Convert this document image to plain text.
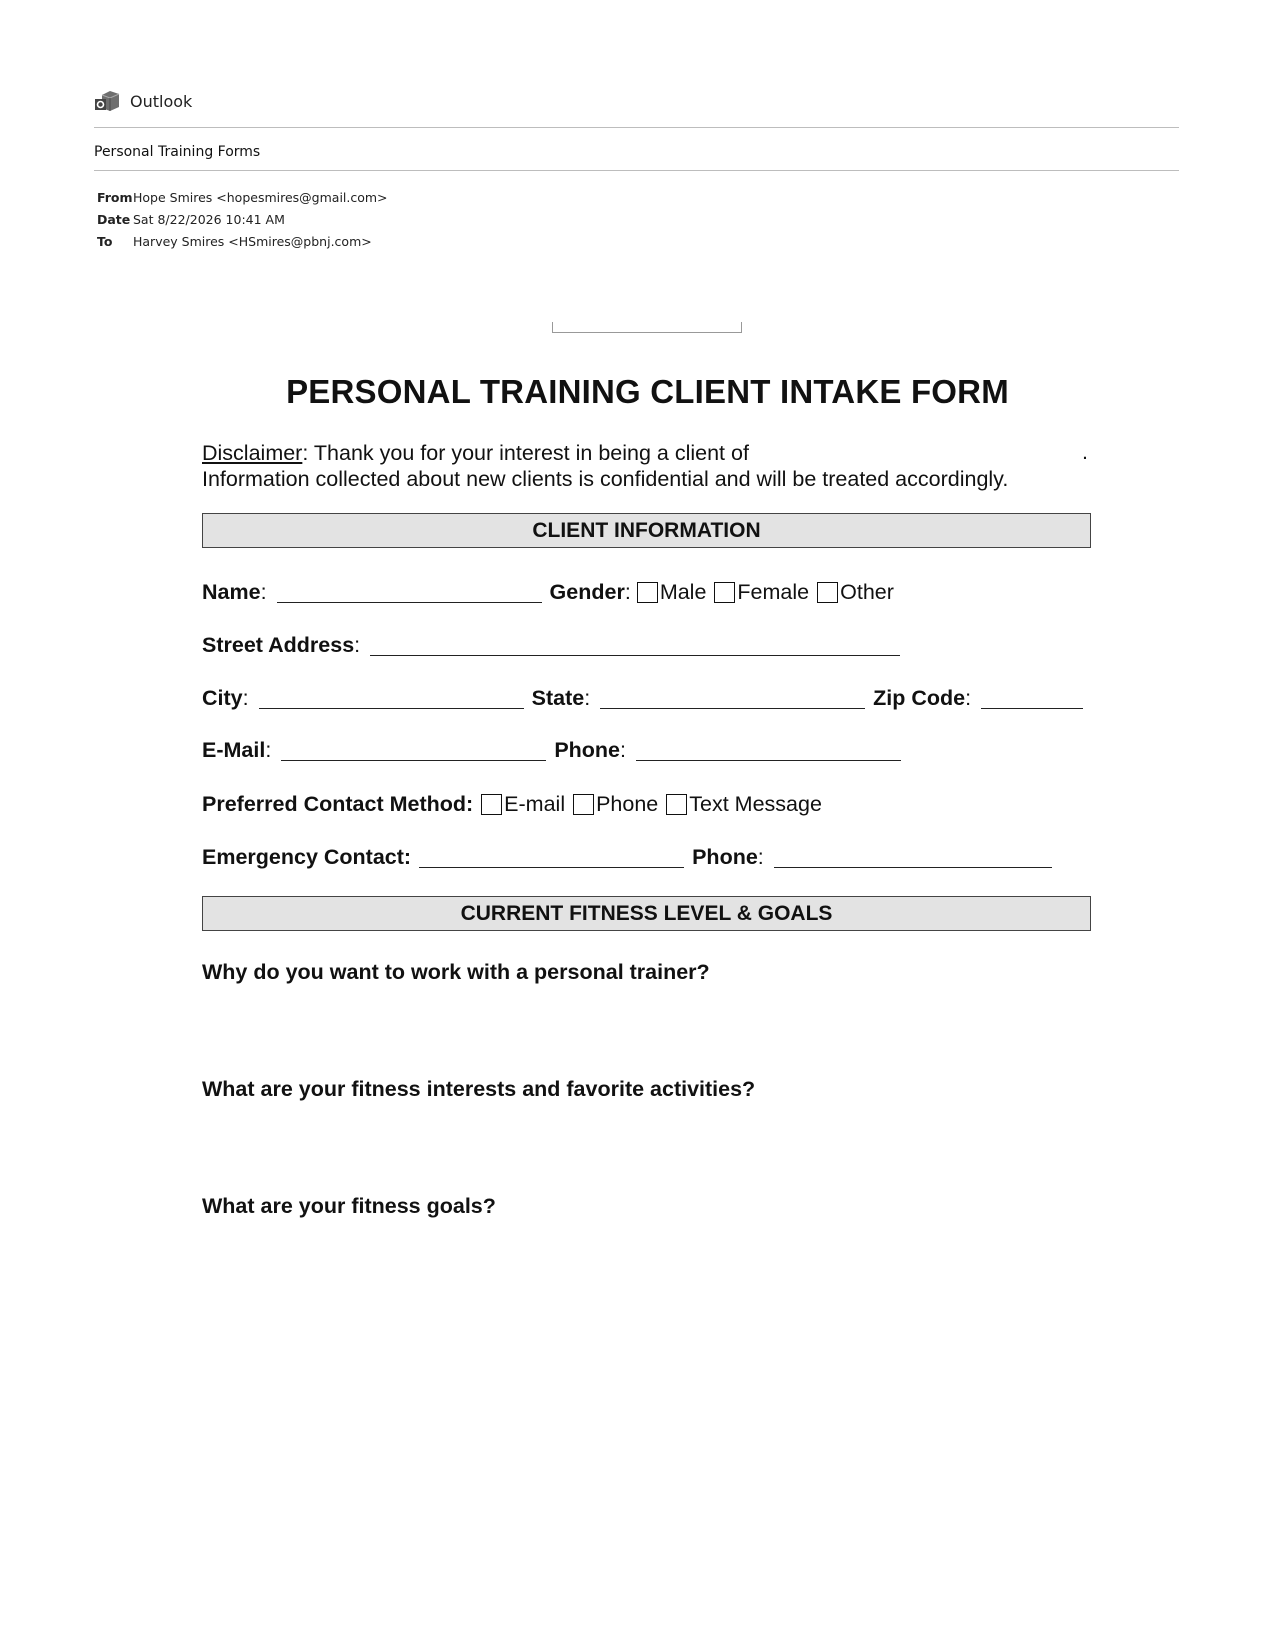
Outlook
Personal Training Forms
From Hope Smires <hopesmires@gmail.com>
Date Sat 8/22/2026 10:41 AM
To	Harvey Smires <HSmires@pbnj.com>
PERSONAL TRAINING CLIENT INTAKE FORM
Disclaimer: Thank you for your interest in being a client of
Information collected about new clients is confidential and will be treated accordingly.
.
CLIENT INFORMATION
Name :	Gender : Male Female Other
Street Address :
City :	State :	Zip Code :
E-Mail :	Phone :
Preferred Contact Method: E-mail Phone Text Message
Emergency Contact:	Phone :
CURRENT FITNESS LEVEL & GOALS
Why do you want to work with a personal trainer?
What are your fitness interests and favorite activities?
What are your fitness goals?
